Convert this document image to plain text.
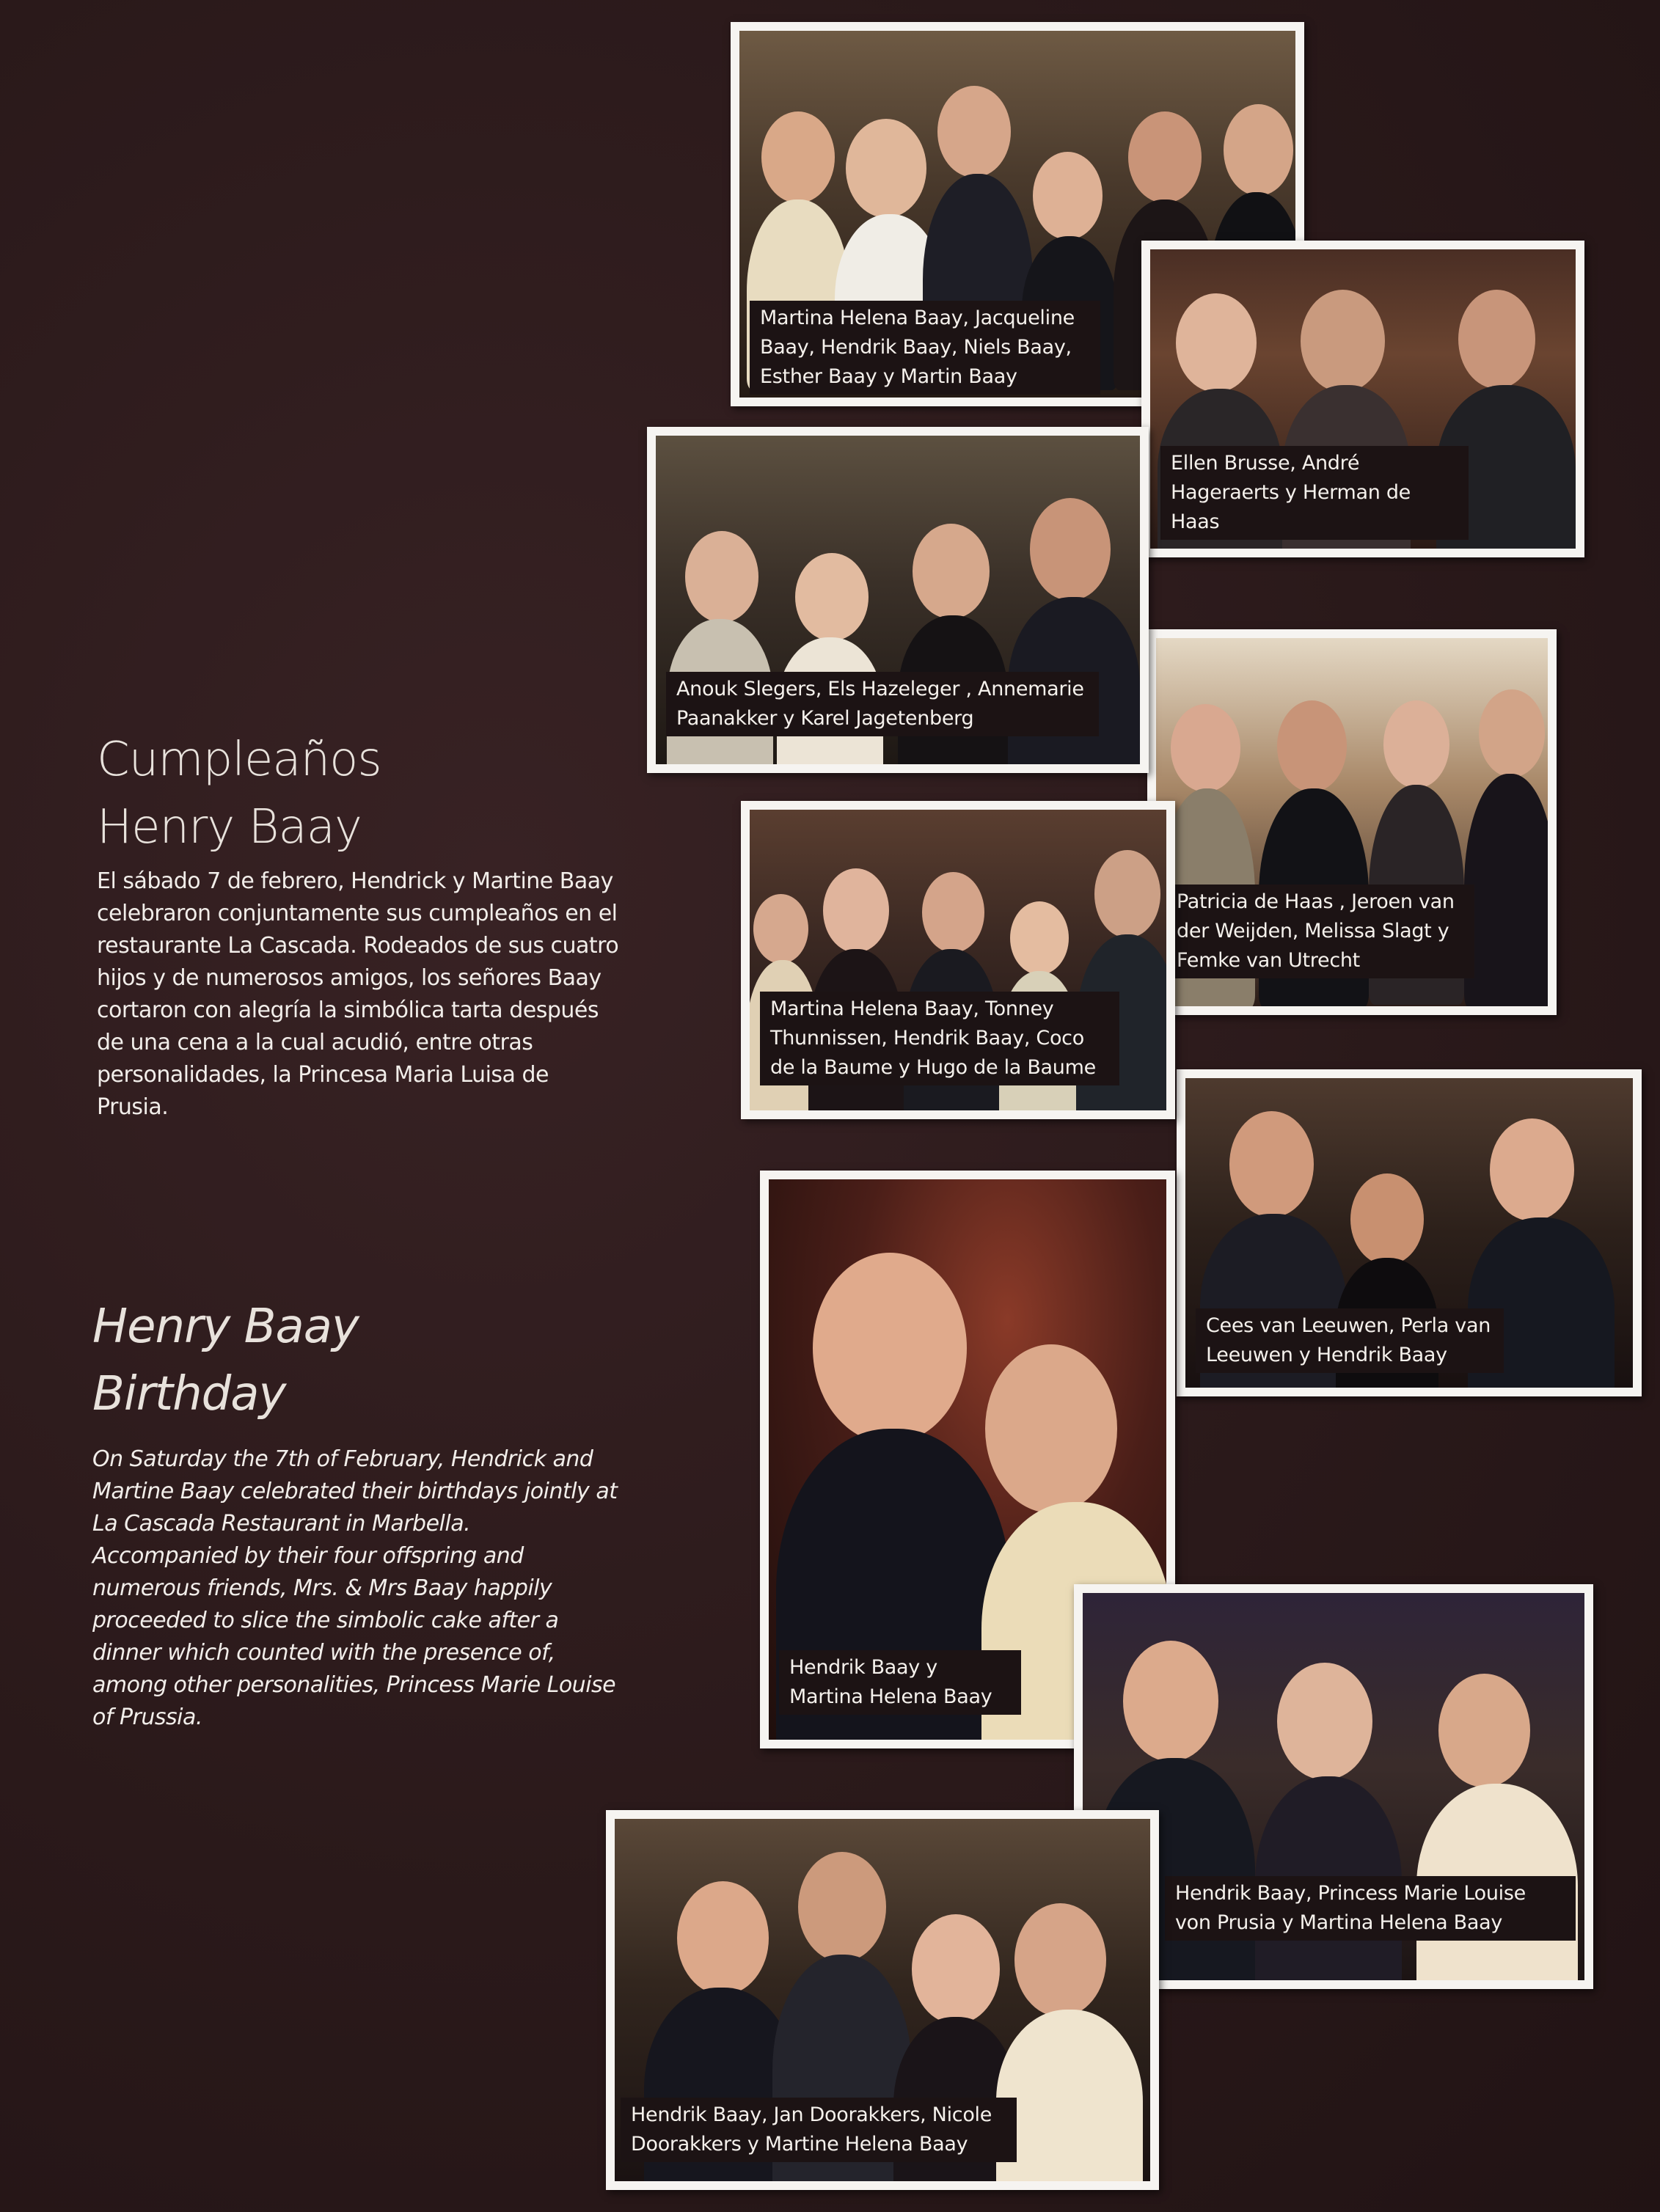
Cumpleaños
Henry Baay

El sábado 7 de febrero, Hendrick y Martine Baay celebraron conjuntamente sus cumpleaños en el restaurante La Cascada. Rodeados de sus cuatro hijos y de numerosos amigos, los señores Baay cortaron con alegría la simbólica tarta después de una cena a la cual acudió, entre otras personalidades, la Princesa Maria Luisa de Prusia.

Henry Baay
Birthday

On Saturday the 7th of February, Hendrick and Martine Baay celebrated their birthdays jointly at La Cascada Restaurant in Marbella. Accompanied by their four offspring and numerous friends, Mrs. & Mrs Baay happily proceeded to slice the simbolic cake after a dinner which counted with the presence of, among other personalities, Princess Marie Louise of Prussia.

Martina Helena Baay, Jacqueline Baay, Hendrik Baay, Niels Baay, Esther Baay y Martin Baay
Ellen Brusse, André Hageraerts y Herman de Haas
Anouk Slegers, Els Hazeleger , Annemarie Paanakker y Karel Jagetenberg
Patricia de Haas , Jeroen van der Weijden, Melissa Slagt y Femke van Utrecht
Martina Helena Baay, Tonney Thunnissen, Hendrik Baay, Coco de la Baume y Hugo de la Baume
Cees van Leeuwen, Perla van Leeuwen y Hendrik Baay
Hendrik Baay y Martina Helena Baay
Hendrik Baay, Princess Marie Louise von Prusia y Martina Helena Baay
Hendrik Baay, Jan Doorakkers, Nicole Doorakkers y Martine Helena Baay
